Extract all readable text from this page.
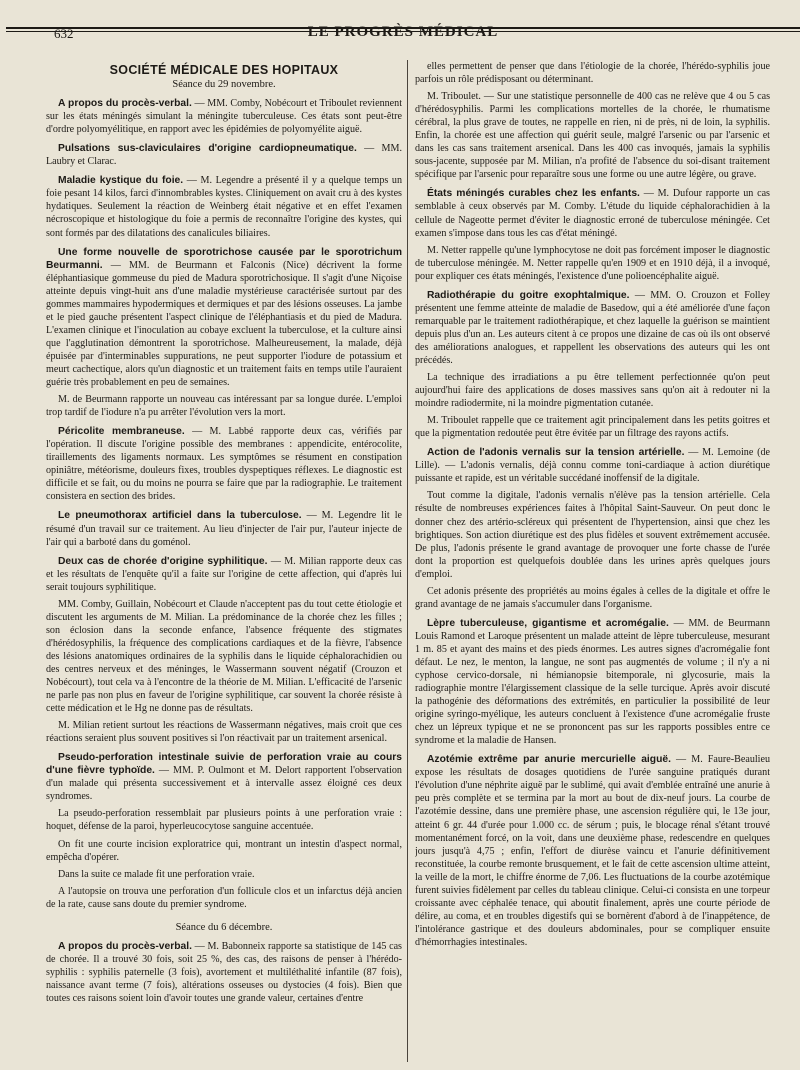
632	LE PROGRÈS MÉDICAL
SOCIÉTÉ MÉDICALE DES HOPITAUX
Séance du 29 novembre.

A propos du procès-verbal. — MM. Comby, Nobécourt et Triboulet reviennent sur les états méningés simulant la méningite tuberculeuse. Ces états sont peut-être d'ordre polyomyélitique, en rapport avec les épidémies de polyomyélite aiguë.

Pulsations sus-claviculaires d'origine cardiopneumatique. — MM. Laubry et Clarac.

Maladie kystique du foie. — M. Legendre a présenté il y a quelque temps un foie pesant 14 kilos, farci d'innombrables kystes. Cliniquement on avait cru à des kystes hydatiques. Seulement la réaction de Weinberg était négative et en effet l'examen nécroscopique et histologique du foie a permis de reconnaître l'origine des kystes, qui sont formés par des dilatations des canalicules biliaires.

Une forme nouvelle de sporotrichose causée par le sporotrichum Beurmanni. — MM. de Beurmann et Falconis (Nice) décrivent la forme éléphantiasique gommeuse du pied de Madura sporotrichosique. Il s'agit d'une Niçoise atteinte depuis vingt-huit ans d'une maladie mystérieuse caractérisée surtout par des gommes mammaires hypodermiques et dermiques et par des lésions osseuses. La jambe et le pied gauche présentent l'aspect clinique de l'éléphantiasis et du pied de Madura. L'examen clinique et l'inoculation au cobaye excluent la tuberculose, et la culture ainsi que l'agglutination démontrent la sporotrichose. Malheureusement, la malade, déjà épuisée par d'interminables suppurations, ne peut supporter l'iodure de potassium et meurt cachectique, alors qu'un diagnostic et un traitement faits en temps utile l'auraient guérie très probablement en peu de semaines.

M. de Beurmann rapporte un nouveau cas intéressant par sa longue durée. L'emploi trop tardif de l'iodure n'a pu arrêter l'évolution vers la mort.

Péricolite membraneuse. — M. Labbé rapporte deux cas, vérifiés par l'opération. Il discute l'origine possible des membranes : appendicite, entérocolite, tiraillements des ligaments normaux. Les symptômes se résument en constipation opiniâtre, météorisme, douleurs fixes, troubles dyspeptiques réflexes. Le diagnostic est difficile et se fait, ou du moins ne pourra se faire que par la radiographie. Le traitement consistera en section des brides.

Le pneumothorax artificiel dans la tuberculose. — M. Legendre lit le résumé d'un travail sur ce traitement. Au lieu d'injecter de l'air pur, l'auteur injecte de l'air qui a barboté dans du goménol.

Deux cas de chorée d'origine syphilitique. — M. Milian rapporte deux cas et les résultats de l'enquête qu'il a faite sur l'origine de cette affection, qui d'après lui serait toujours syphilitique.

MM. Comby, Guillain, Nobécourt et Claude n'acceptent pas du tout cette étiologie et discutent les arguments de M. Milian. La prédominance de la chorée chez les filles ; son éclosion dans la seconde enfance, l'absence fréquente des stigmates d'hérédosyphilis, la fréquence des complications cardiaques et de la fièvre, l'absence des lésions anatomiques ordinaires de la syphilis dans le liquide céphalorachidien ou des centres nerveux et des méninges, le Wassermann souvent négatif (Crouzon et Nobécourt), tout cela va à l'encontre de la théorie de M. Milian. L'efficacité de l'arsenic ne parle pas non plus en faveur de l'origine syphilitique, car souvent la chorée résiste à cette médication et le Hg ne donne pas de résultats.

M. Milian retient surtout les réactions de Wassermann négatives, mais croit que ces réactions seraient plus souvent positives si l'on réactivait par un traitement arsenical.

Pseudo-perforation intestinale suivie de perforation vraie au cours d'une fièvre typhoïde. — MM. P. Oulmont et M. Delort rapportent l'observation d'un malade qui présenta successivement et à intervalle assez éloigné ces deux syndromes.

La pseudo-perforation ressemblait par plusieurs points à une perforation vraie : hoquet, défense de la paroi, hyperleucocytose sanguine accentuée.

On fit une courte incision exploratrice qui, montrant un intestin d'aspect normal, empêcha d'opérer.

Dans la suite ce malade fit une perforation vraie.

A l'autopsie on trouva une perforation d'un follicule clos et un infarctus déjà ancien de la rate, cause sans doute du premier syndrome.

Séance du 6 décembre.

A propos du procès-verbal. — M. Babonneix rapporte sa statistique de 145 cas de chorée. Il a trouvé 30 fois, soit 25 %, des cas, des raisons de penser à l'hérédo-syphilis : syphilis paternelle (3 fois), avortement et multiléthalité infantile (87 fois), naissance avant terme (7 fois), altérations osseuses ou dystocies (4 fois). Bien que toutes ces raisons soient loin d'avoir toutes une grande valeur, certaines d'entre

elles permettent de penser que dans l'étiologie de la chorée, l'hérédo-syphilis joue parfois un rôle prédisposant ou déterminant.

M. Triboulet. — Sur une statistique personnelle de 400 cas ne relève que 4 ou 5 cas d'hérédosyphilis. Parmi les complications mortelles de la chorée, le rhumatisme cérébral, la plus grave de toutes, ne rappelle en rien, ni de près, ni de loin, la syphilis. Enfin, la chorée est une affection qui guérit seule, malgré l'arsenic ou par l'arsenic et dans les cas sans traitement arsenical. Dans les 400 cas invoqués, jamais la syphilis sous-jacente, supposée par M. Milian, n'a profité de l'absence du soi-disant traitement spécifique par l'arsenic pour reparaître sous une forme ou une autre légère, ou grave.

États méningés curables chez les enfants. — M. Dufour rapporte un cas semblable à ceux observés par M. Comby. L'étude du liquide céphalorachidien à la cellule de Nageotte permet d'éviter le diagnostic erroné de tuberculose méningée. Cet examen s'impose dans tous les cas d'état méningé.

M. Netter rappelle qu'une lymphocytose ne doit pas forcément imposer le diagnostic de tuberculose méningée. M. Netter rappelle qu'en 1909 et en 1910 déjà, il a invoqué, pour expliquer ces états méningés, l'existence d'une polioencéphalite aiguë.

Radiothérapie du goitre exophtalmique. — MM. O. Crouzon et Folley présentent une femme atteinte de maladie de Basedow, qui a été améliorée d'une façon remarquable par le traitement radiothérapique, et chez laquelle la guérison se maintient depuis plus d'un an. Les auteurs citent à ce propos une dizaine de cas où ils ont observé des améliorations analogues, et rappellent les observations des auteurs qui les ont précédés.

La technique des irradiations a pu être tellement perfectionnée qu'on peut aujourd'hui faire des applications de doses massives sans qu'on ait à redouter ni la moindre radiodermite, ni la moindre pigmentation cutanée.

M. Triboulet rappelle que ce traitement agit principalement dans les petits goitres et que la pigmentation redoutée peut être évitée par un filtrage des rayons actifs.

Action de l'adonis vernalis sur la tension artérielle. — M. Lemoine (de Lille). — L'adonis vernalis, déjà connu comme toni-cardiaque à action diurétique puissante et rapide, est un véritable succédané inoffensif de la digitale.

Tout comme la digitale, l'adonis vernalis n'élève pas la tension artérielle. Cela résulte de nombreuses expériences faites à l'hôpital Saint-Sauveur. On peut donc le donner chez des artério-scléreux qui présentent de l'hypertension, ainsi que chez les brightiques. Son action diurétique est des plus fidèles et souvent extrêmement accusée. De plus, l'adonis présente le grand avantage de provoquer une forte chasse de l'urée dont la proportion est quelquefois doublée dans les urines après quelques jours d'emploi.

Cet adonis présente des propriétés au moins égales à celles de la digitale et offre le grand avantage de ne jamais s'accumuler dans l'organisme.

Lèpre tuberculeuse, gigantisme et acromégalie. — MM. de Beurmann Louis Ramond et Laroque présentent un malade atteint de lèpre tuberculeuse, mesurant 1 m. 85 et ayant des mains et des pieds énormes. Les autres signes d'acromégalie font défaut. Le nez, le menton, la langue, ne sont pas augmentés de volume ; il n'y a ni cyphose cervico-dorsale, ni hémianopsie bitemporale, ni glycosurie, mais la radiographie montre l'élargissement classique de la selle turcique. Après avoir discuté la pathogénie des déformations des extrémités, en particulier la possibilité de leur origine syringo-myélique, les auteurs concluent à l'existence d'une acromégalie fruste chez un lépreux typique et ne se prononcent pas sur les rapports possibles entre ce syndrome et la maladie de Hansen.

Azotémie extrême par anurie mercurielle aiguë. — M. Faure-Beaulieu expose les résultats de dosages quotidiens de l'urée sanguine pratiqués durant l'évolution d'une néphrite aiguë par le sublimé, qui avait d'emblée entraîné une anurie à peu près complète et se termina par la mort au bout de dix-neuf jours. La courbe de l'azotémie dessine, dans une première phase, une ascension régulière qui, le 13e jour, atteint 6 gr. 44 d'urée pour 1.000 cc. de sérum ; puis, le blocage rénal s'étant trouvé momentanément forcé, on la voit, dans une deuxième phase, redescendre en quelques jours jusqu'à 4,75 ; enfin, l'effort de diurèse vaincu et l'anurie définitivement reconstituée, la courbe remonte brusquement, et le fait de cette ascension ultime atteint, la veille de la mort, le chiffre énorme de 7,06. Les fluctuations de la courbe azotémique furent suivies fidèlement par celles du tableau clinique. Celui-ci consista en une torpeur croissante avec céphalée tenace, qui aboutit finalement, après une courte période de délire, au coma, et en troubles digestifs qui se bornèrent d'abord à de l'inappétence, de l'intolérance gastrique et des douleurs abdominales, pour se compliquer ensuite d'hémorrhagies intestinales.
